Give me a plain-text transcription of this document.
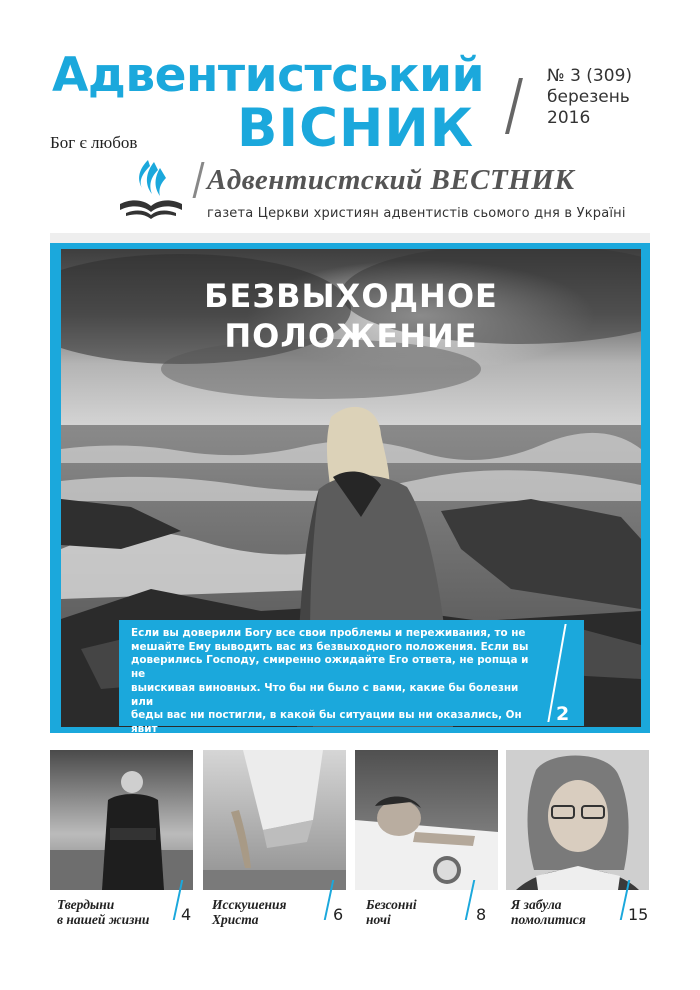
Адвентистський
ВІСНИК
Бог є любов
№ 3 (309)
березень
2016
Адвентистский ВЕСТНИК
газета Церкви християн адвентистів сьомого дня в Україні
БЕЗВЫХОДНОЕ
ПОЛОЖЕНИЕ
Если вы доверили Богу все свои проблемы и переживания, то не
мешайте Ему выводить вас из безвыходного положения. Если вы
доверились Господу, смиренно ожидайте Его ответа, не ропща и не
выискивая виновных. Что бы ни было с вами, какие бы болезни или
беды вас ни постигли, в какой бы ситуации вы ни оказались, Он явит
Свою силу и славу. У Господа есть ответы на все наши вопросы!
2
Твердыни
в нашей жизни 4
Исскушения
Христа	6
Безсонні
ночі	8
Я забула
помолитися	15
